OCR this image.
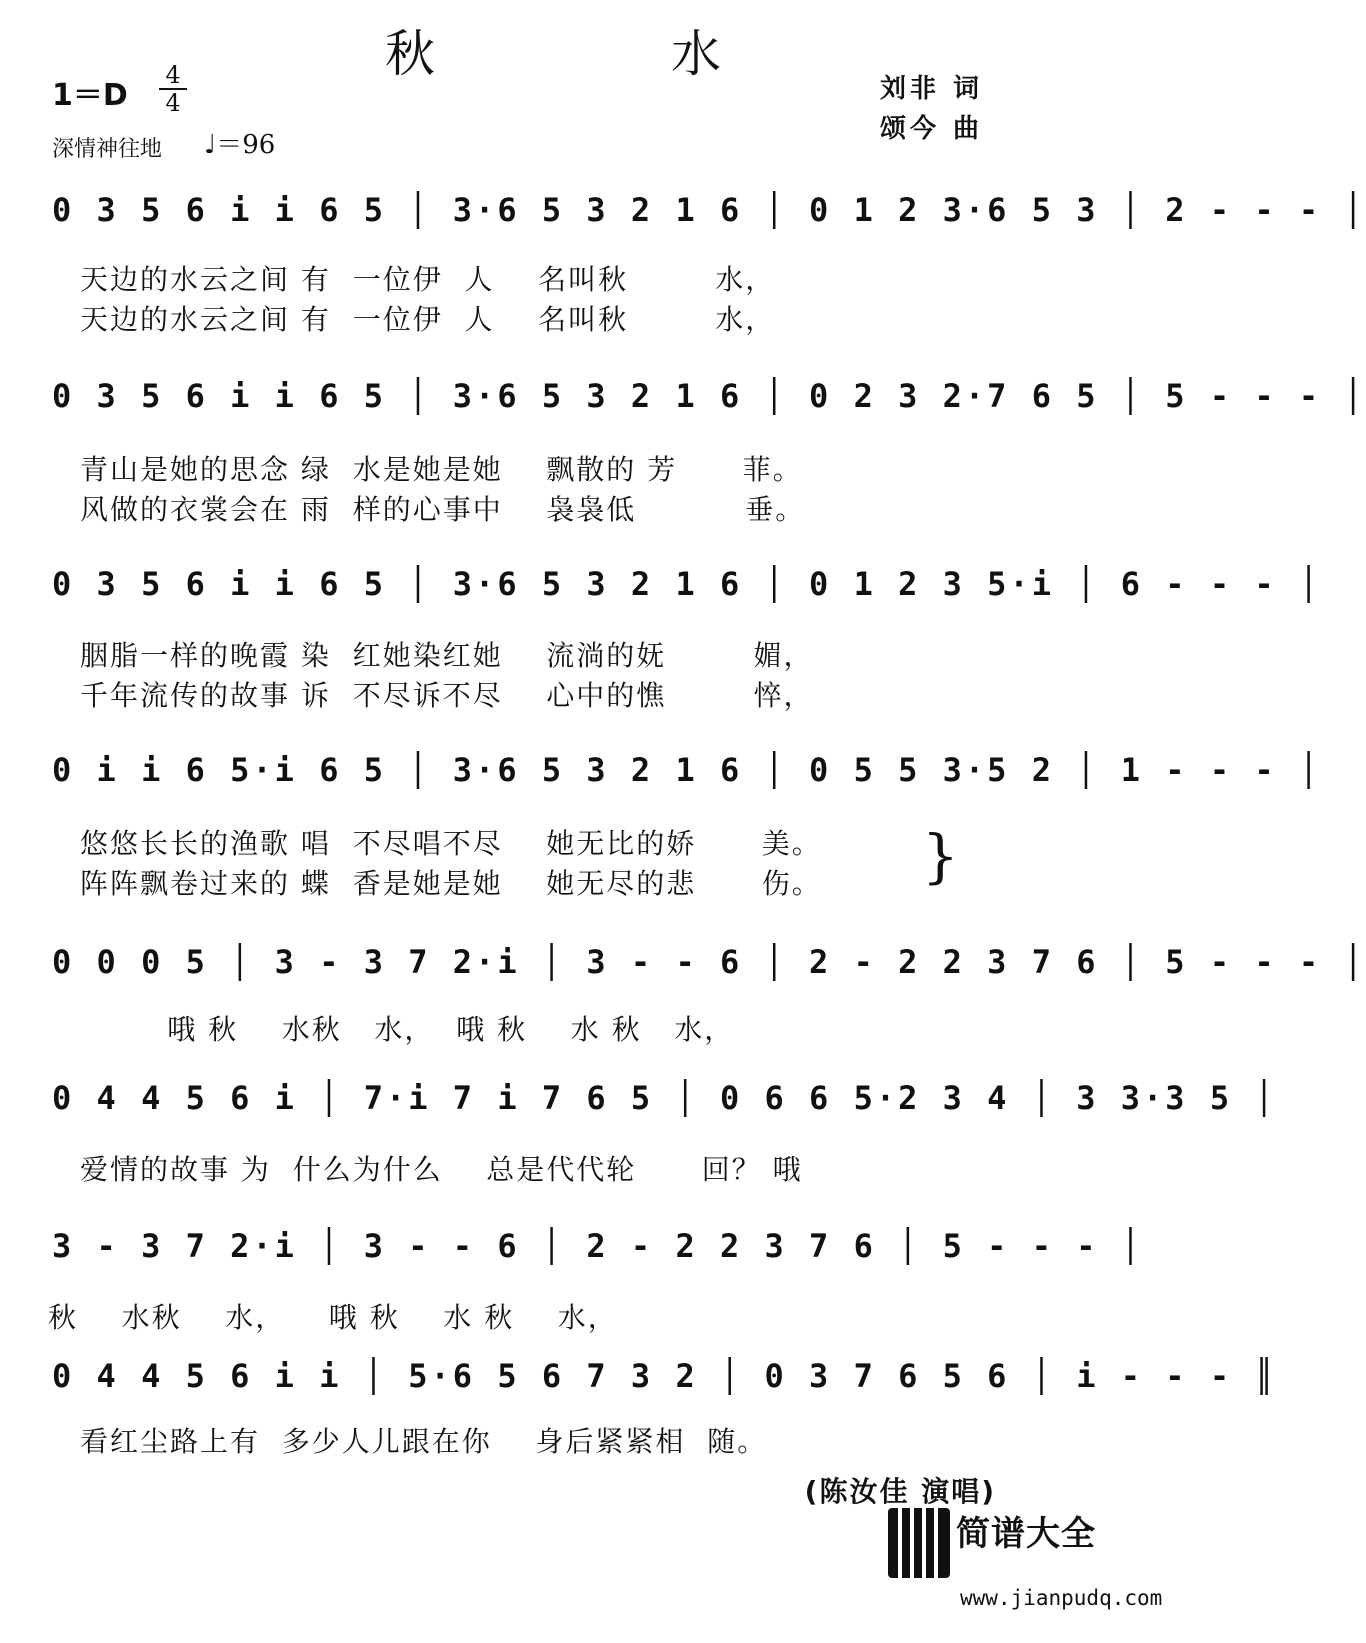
秋 水
1＝D
4
4
深情神往地 ♩＝96
刘非 词
颂今 曲
0 3 5 6 i i 6 5 │ 3·6 5 3 2 1 6 │ 0 1 2 3·6 5 3 │ 2 - - - │
天边的水云之间 有  一位伊  人    名叫秋        水，
天边的水云之间 有  一位伊  人    名叫秋        水，
0 3 5 6 i i 6 5 │ 3·6 5 3 2 1 6 │ 0 2 3 2·7 6 5 │ 5 - - - │
青山是她的思念 绿  水是她是她    飘散的 芳      菲。
风做的衣裳会在 雨  样的心事中    袅袅低          垂。
0 3 5 6 i i 6 5 │ 3·6 5 3 2 1 6 │ 0 1 2 3 5·i │ 6 - - - │
胭脂一样的晚霞 染  红她染红她    流淌的妩        媚，
千年流传的故事 诉  不尽诉不尽    心中的憔        悴，
0 i i 6 5·i 6 5 │ 3·6 5 3 2 1 6 │ 0 5 5 3·5 2 │ 1 - - - │
悠悠长长的渔歌 唱  不尽唱不尽    她无比的娇      美。
阵阵飘卷过来的 蝶  香是她是她    她无尽的悲      伤。	}
0 0 0 5 │ 3 - 3 7 2·i │ 3 - - 6 │ 2 - 2 2 3 7 6 │ 5 - - - │
哦 秋    水秋   水，  哦 秋    水 秋   水，
0 4 4 5 6 i │ 7·i 7 i 7 6 5 │ 0 6 6 5·2 3 4 │ 3 3·3 5 │
爱情的故事 为  什么为什么    总是代代轮      回？ 哦
3 - 3 7 2·i │ 3 - - 6 │ 2 - 2 2 3 7 6 │ 5 - - - │
秋    水秋    水，    哦 秋    水 秋    水，
0 4 4 5 6 i i │ 5·6 5 6 7 3 2 │ 0 3 7 6 5 6 │ i - - - ║
看红尘路上有  多少人儿跟在你    身后紧紧相  随。
(陈汝佳 演唱)
简谱大全
www.jianpudq.com
